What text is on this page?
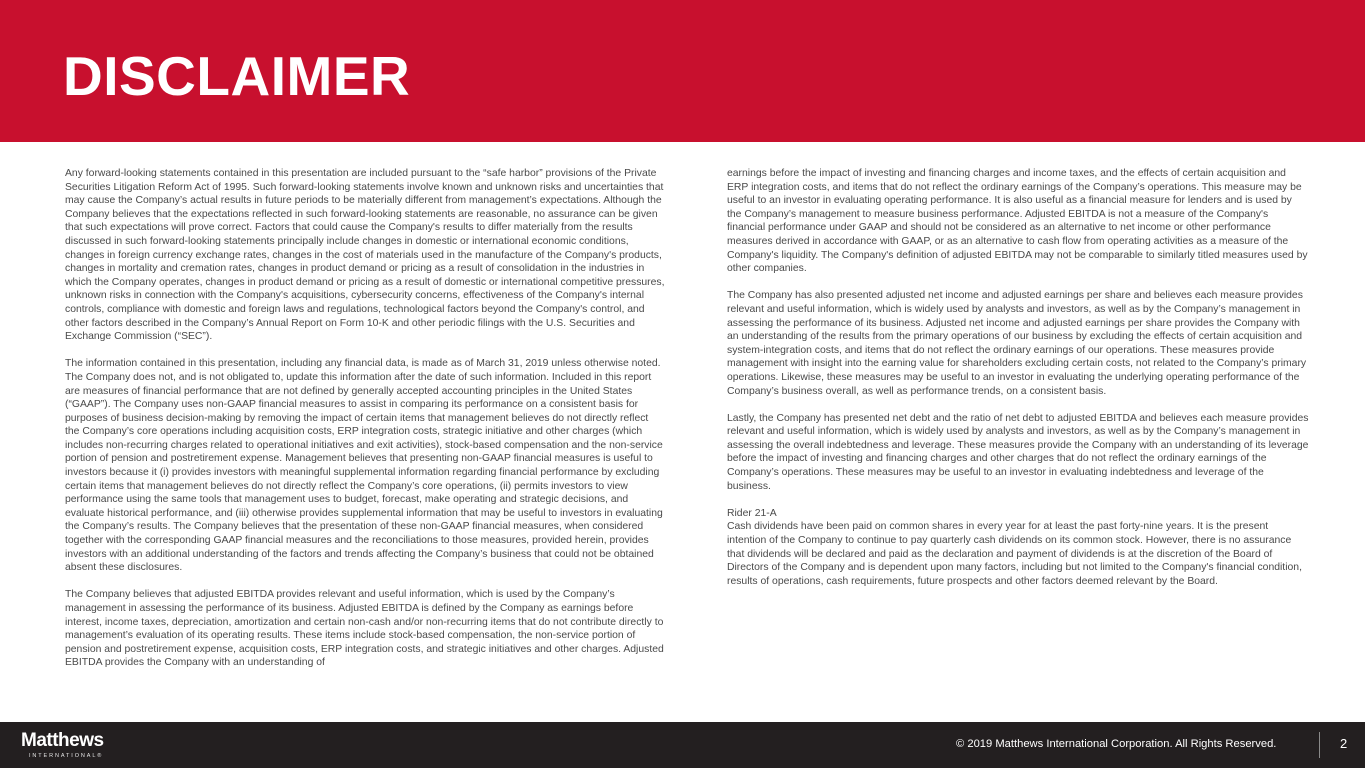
DISCLAIMER

Any forward-looking statements contained in this presentation are included pursuant to the “safe harbor” provisions of the Private Securities Litigation Reform Act of 1995. Such forward-looking statements involve known and unknown risks and uncertainties that may cause the Company’s actual results in future periods to be materially different from management’s expectations. Although the Company believes that the expectations reflected in such forward-looking statements are reasonable, no assurance can be given that such expectations will prove correct. Factors that could cause the Company's results to differ materially from the results discussed in such forward-looking statements principally include changes in domestic or international economic conditions, changes in foreign currency exchange rates, changes in the cost of materials used in the manufacture of the Company's products, changes in mortality and cremation rates, changes in product demand or pricing as a result of consolidation in the industries in which the Company operates, changes in product demand or pricing as a result of domestic or international competitive pressures, unknown risks in connection with the Company's acquisitions, cybersecurity concerns, effectiveness of the Company's internal controls, compliance with domestic and foreign laws and regulations, technological factors beyond the Company's control, and other factors described in the Company’s Annual Report on Form 10-K and other periodic filings with the U.S. Securities and Exchange Commission (“SEC”).

The information contained in this presentation, including any financial data, is made as of March 31, 2019 unless otherwise noted. The Company does not, and is not obligated to, update this information after the date of such information. Included in this report are measures of financial performance that are not defined by generally accepted accounting principles in the United States (“GAAP”). The Company uses non-GAAP financial measures to assist in comparing its performance on a consistent basis for purposes of business decision-making by removing the impact of certain items that management believes do not directly reflect the Company’s core operations including acquisition costs, ERP integration costs, strategic initiative and other charges (which includes non-recurring charges related to operational initiatives and exit activities), stock-based compensation and the non-service portion of pension and postretirement expense. Management believes that presenting non-GAAP financial measures is useful to investors because it (i) provides investors with meaningful supplemental information regarding financial performance by excluding certain items that management believes do not directly reflect the Company’s core operations, (ii) permits investors to view performance using the same tools that management uses to budget, forecast, make operating and strategic decisions, and evaluate historical performance, and (iii) otherwise provides supplemental information that may be useful to investors in evaluating the Company’s results. The Company believes that the presentation of these non-GAAP financial measures, when considered together with the corresponding GAAP financial measures and the reconciliations to those measures, provided herein, provides investors with an additional understanding of the factors and trends affecting the Company’s business that could not be obtained absent these disclosures.

The Company believes that adjusted EBITDA provides relevant and useful information, which is used by the Company’s management in assessing the performance of its business. Adjusted EBITDA is defined by the Company as earnings before interest, income taxes, depreciation, amortization and certain non-cash and/or non-recurring items that do not contribute directly to management’s evaluation of its operating results. These items include stock-based compensation, the non-service portion of pension and postretirement expense, acquisition costs, ERP integration costs, and strategic initiatives and other charges. Adjusted EBITDA provides the Company with an understanding of

earnings before the impact of investing and financing charges and income taxes, and the effects of certain acquisition and ERP integration costs, and items that do not reflect the ordinary earnings of the Company’s operations. This measure may be useful to an investor in evaluating operating performance. It is also useful as a financial measure for lenders and is used by the Company’s management to measure business performance. Adjusted EBITDA is not a measure of the Company's financial performance under GAAP and should not be considered as an alternative to net income or other performance measures derived in accordance with GAAP, or as an alternative to cash flow from operating activities as a measure of the Company's liquidity. The Company's definition of adjusted EBITDA may not be comparable to similarly titled measures used by other companies.

The Company has also presented adjusted net income and adjusted earnings per share and believes each measure provides relevant and useful information, which is widely used by analysts and investors, as well as by the Company’s management in assessing the performance of its business. Adjusted net income and adjusted earnings per share provides the Company with an understanding of the results from the primary operations of our business by excluding the effects of certain acquisition and system-integration costs, and items that do not reflect the ordinary earnings of our operations. These measures provide management with insight into the earning value for shareholders excluding certain costs, not related to the Company’s primary operations. Likewise, these measures may be useful to an investor in evaluating the underlying operating performance of the Company’s business overall, as well as performance trends, on a consistent basis.

Lastly, the Company has presented net debt and the ratio of net debt to adjusted EBITDA and believes each measure provides relevant and useful information, which is widely used by analysts and investors, as well as by the Company’s management in assessing the overall indebtedness and leverage. These measures provide the Company with an understanding of its leverage before the impact of investing and financing charges and other charges that do not reflect the ordinary earnings of the Company’s operations. These measures may be useful to an investor in evaluating indebtedness and leverage of the business.

Rider 21-A

Cash dividends have been paid on common shares in every year for at least the past forty-nine years. It is the present intention of the Company to continue to pay quarterly cash dividends on its common stock. However, there is no assurance that dividends will be declared and paid as the declaration and payment of dividends is at the discretion of the Board of Directors of the Company and is dependent upon many factors, including but not limited to the Company's financial condition, results of operations, cash requirements, future prospects and other factors deemed relevant by the Board.

Matthews
INTERNATIONAL®
© 2019 Matthews International Corporation. All Rights Reserved.	2
